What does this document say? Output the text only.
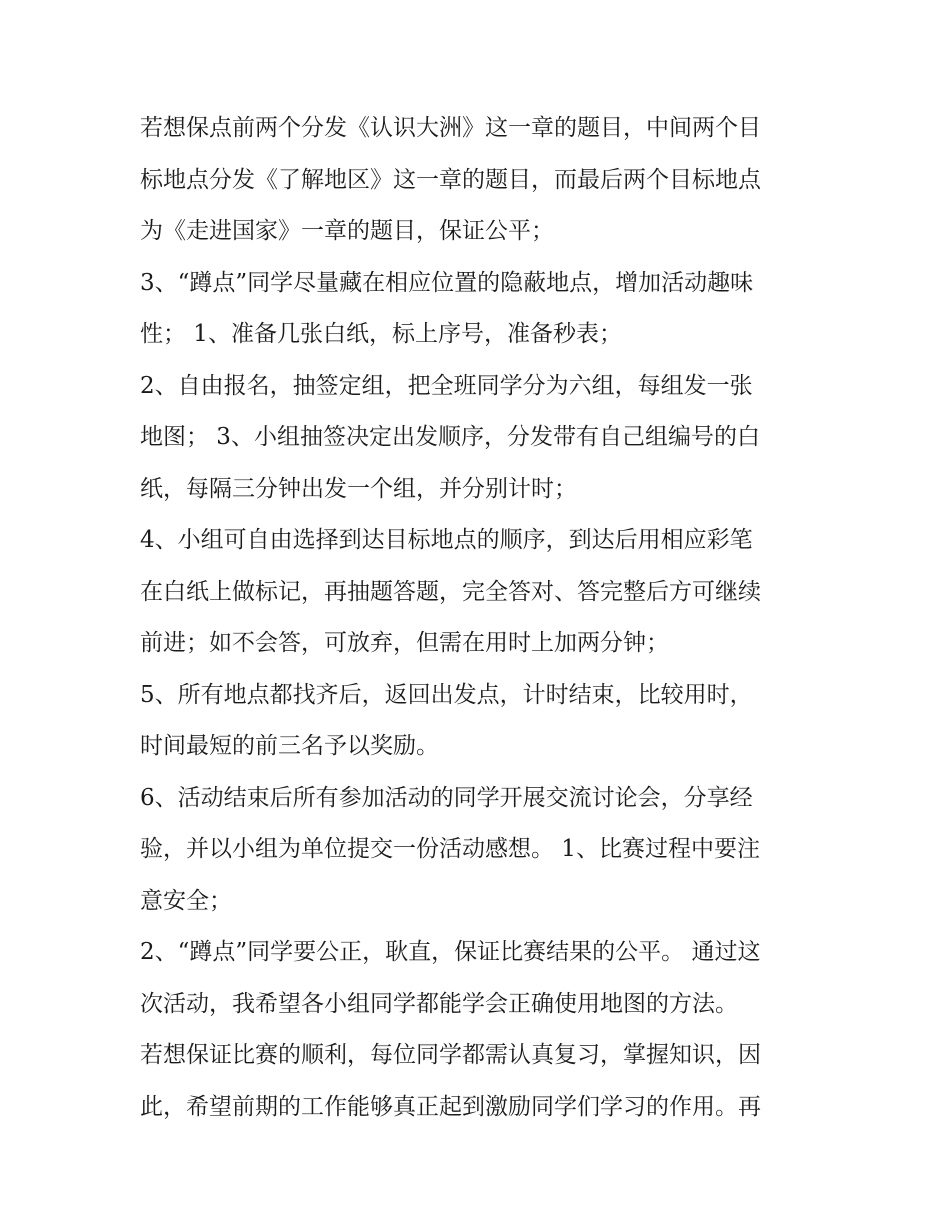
若想保点前两个分发《认识大洲》这一章的题目，中间两个目
标地点分发《了解地区》这一章的题目，而最后两个目标地点
为《走进国家》一章的题目，保证公平；
3、“蹲点”同学尽量藏在相应位置的隐蔽地点，增加活动趣味
性； 1、准备几张白纸，标上序号，准备秒表；
2、自由报名，抽签定组，把全班同学分为六组，每组发一张
地图； 3、小组抽签决定出发顺序，分发带有自己组编号的白
纸，每隔三分钟出发一个组，并分别计时；
4、小组可自由选择到达目标地点的顺序，到达后用相应彩笔
在白纸上做标记，再抽题答题，完全答对、答完整后方可继续
前进；如不会答，可放弃，但需在用时上加两分钟；
5、所有地点都找齐后，返回出发点，计时结束，比较用时，
时间最短的前三名予以奖励。
6、活动结束后所有参加活动的同学开展交流讨论会，分享经
验，并以小组为单位提交一份活动感想。 1、比赛过程中要注
意安全；
2、“蹲点”同学要公正，耿直，保证比赛结果的公平。 通过这
次活动，我希望各小组同学都能学会正确使用地图的方法。
若想保证比赛的顺利，每位同学都需认真复习，掌握知识，因
此，希望前期的工作能够真正起到激励同学们学习的作用。再
